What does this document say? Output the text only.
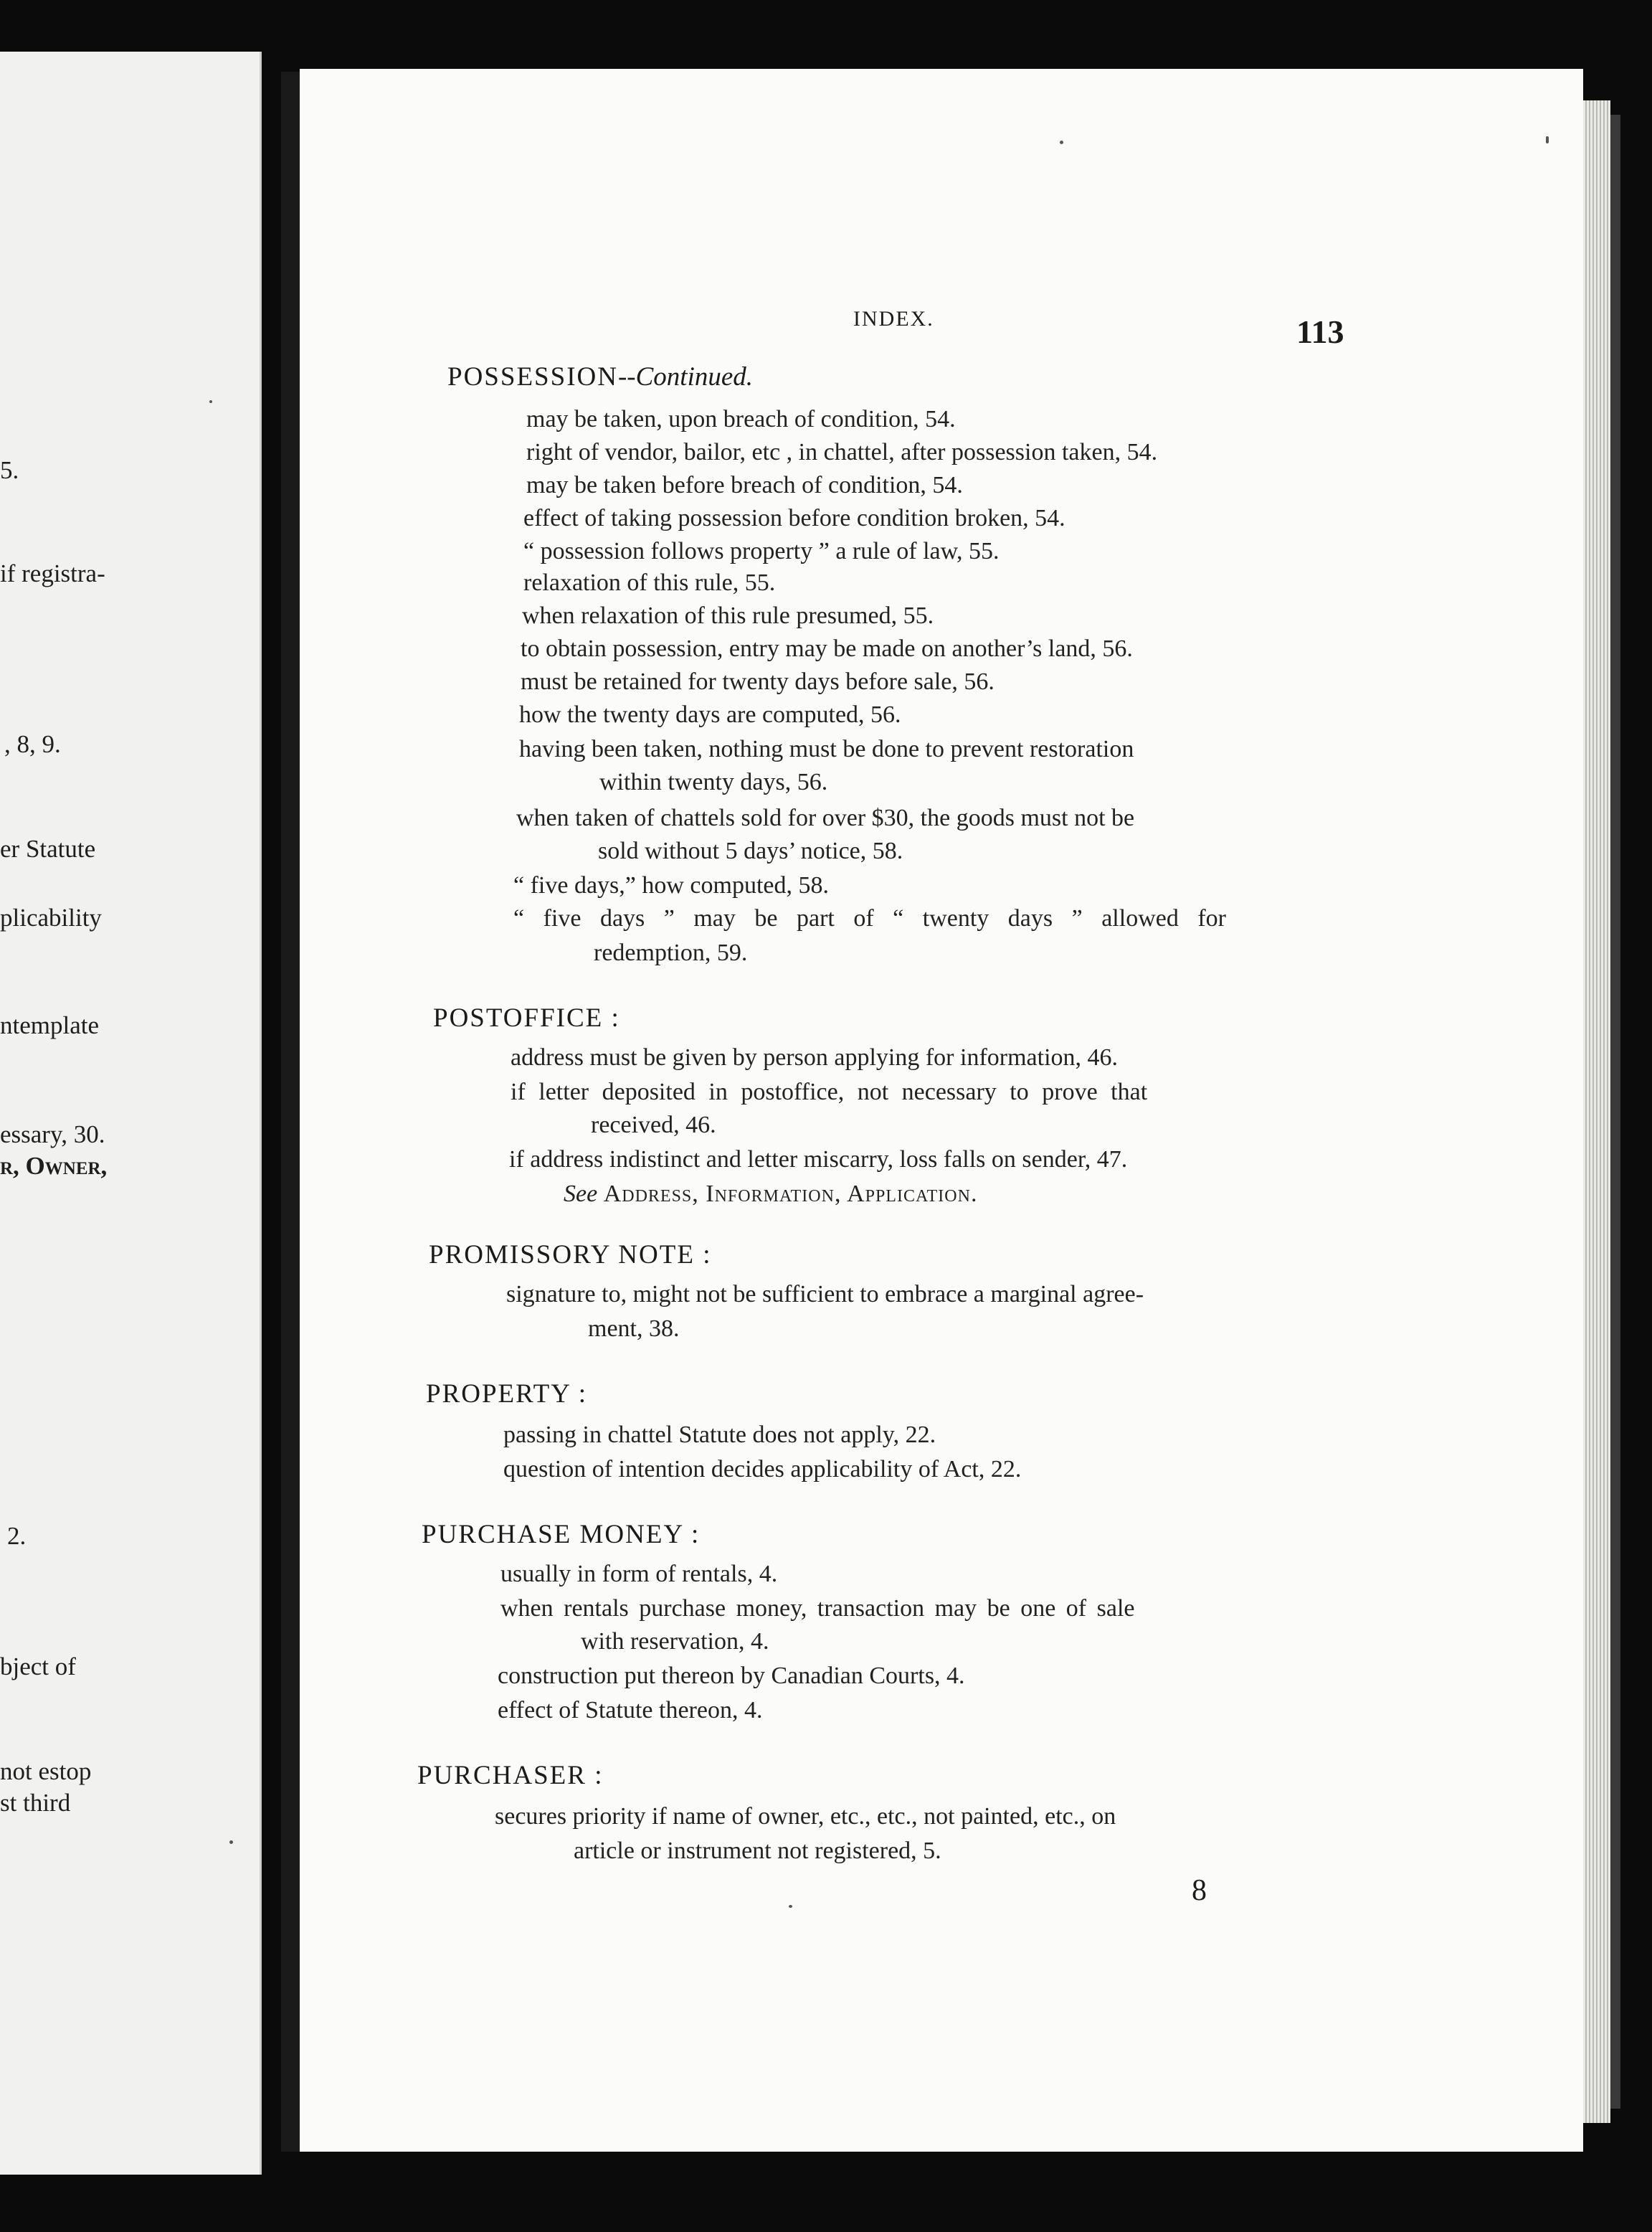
5.
if registra-
, 8, 9.
er Statute
plicability
ntemplate
essary, 30.
r, Owner,
2.
bject of
not estop
st third
INDEX.	113
POSSESSION--Continued.
may be taken, upon breach of condition, 54.
right of vendor, bailor, etc , in chattel, after possession taken, 54.
may be taken before breach of condition, 54.
effect of taking possession before condition broken, 54.
“ possession follows property ” a rule of law, 55.
relaxation of this rule, 55.
when relaxation of this rule presumed, 55.
to obtain possession, entry may be made on another’s land, 56.
must be retained for twenty days before sale, 56.
how the twenty days are computed, 56.
having been taken, nothing must be done to prevent restoration
within twenty days, 56.
when taken of chattels sold for over $30, the goods must not be
sold without 5 days’ notice, 58.
“ five days,” how computed, 58.
“ five days ” may be part of “ twenty days ” allowed for
redemption, 59.
POSTOFFICE :
address must be given by person applying for information, 46.
if letter deposited in postoffice, not necessary to prove that
received, 46.
if address indistinct and letter miscarry, loss falls on sender, 47.
See Address, Information, Application.
PROMISSORY NOTE :
signature to, might not be sufficient to embrace a marginal agree-
ment, 38.
PROPERTY :
passing in chattel Statute does not apply, 22.
question of intention decides applicability of Act, 22.
PURCHASE MONEY :
usually in form of rentals, 4.
when rentals purchase money, transaction may be one of sale
with reservation, 4.
construction put thereon by Canadian Courts, 4.
effect of Statute thereon, 4.
PURCHASER :
secures priority if name of owner, etc., etc., not painted, etc., on
article or instrument not registered, 5.
8
